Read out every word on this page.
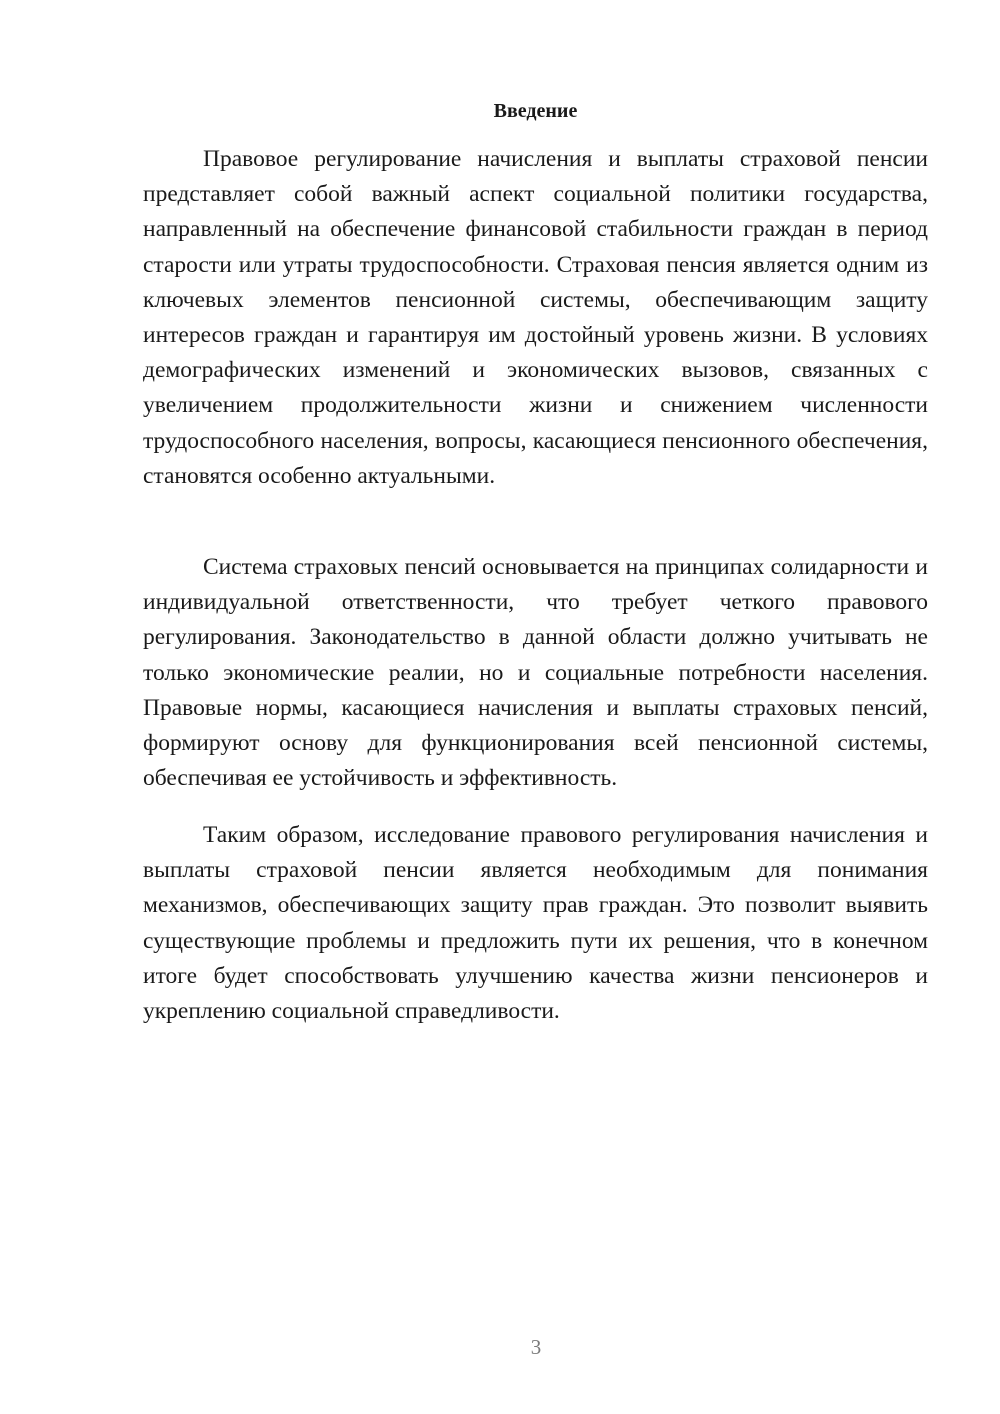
Введение

Правовое регулирование начисления и выплаты страховой пенсии представляет собой важный аспект социальной политики государства, направленный на обеспечение финансовой стабильности граждан в период старости или утраты трудоспособности. Страховая пенсия является одним из ключевых элементов пенсионной системы, обеспечивающим защиту интересов граждан и гарантируя им достойный уровень жизни. В условиях демографических изменений и экономических вызовов, связанных с увеличением продолжительности жизни и снижением численности трудоспособного населения, вопросы, касающиеся пенсионного обеспечения, становятся особенно актуальными.

Система страховых пенсий основывается на принципах солидарности и индивидуальной ответственности, что требует четкого правового регулирования. Законодательство в данной области должно учитывать не только экономические реалии, но и социальные потребности населения. Правовые нормы, касающиеся начисления и выплаты страховых пенсий, формируют основу для функционирования всей пенсионной системы, обеспечивая ее устойчивость и эффективность.

Таким образом, исследование правового регулирования начисления и выплаты страховой пенсии является необходимым для понимания механизмов, обеспечивающих защиту прав граждан. Это позволит выявить существующие проблемы и предложить пути их решения, что в конечном итоге будет способствовать улучшению качества жизни пенсионеров и укреплению социальной справедливости.

3
